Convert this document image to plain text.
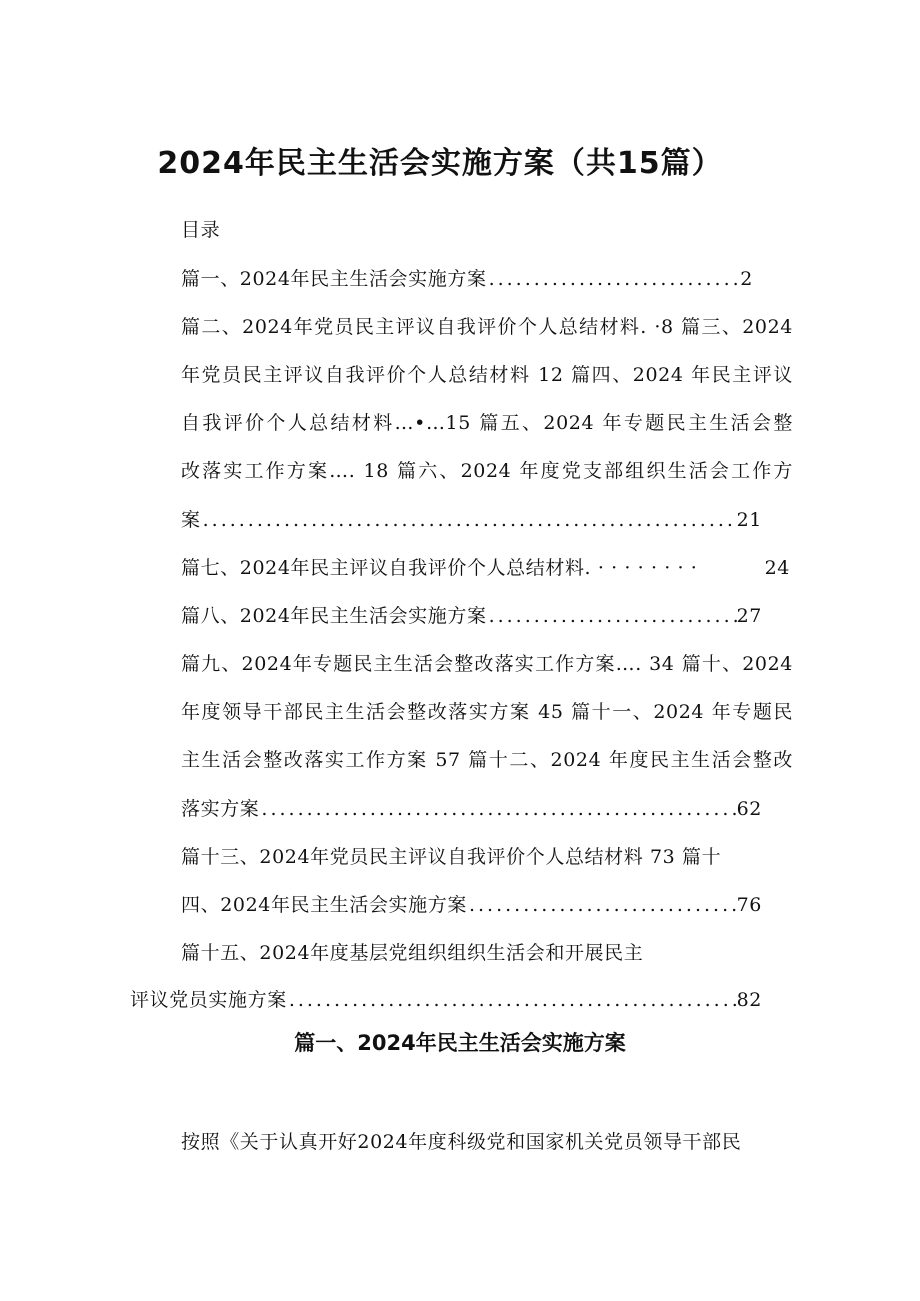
2024年民主生活会实施方案（共15篇）
目录
篇一、2024年民主生活会实施方案 .....	2
篇二、2024年党员民主评议自我评价个人总结材料. ·8 篇三、2024
年党员民主评议自我评价个人总结材料 12 篇四、2024 年民主评议
自我评价个人总结材料…•…15 篇五、2024 年专题民主生活会整
改落实工作方案…. 18 篇六、2024 年度党支部组织生活会工作方
案 .....	21
篇七、2024年民主评议自我评价个人总结材料. · · · · · · · ·	24
篇八、2024年民主生活会实施方案 .....	27
篇九、2024年专题民主生活会整改落实工作方案…. 34 篇十、2024
年度领导干部民主生活会整改落实方案 45 篇十一、2024 年专题民
主生活会整改落实工作方案 57 篇十二、2024 年度民主生活会整改
落实方案 .....	62
篇十三、2024年党员民主评议自我评价个人总结材料 73 篇十
四、2024年民主生活会实施方案 .....	76
篇十五、2024年度基层党组织组织生活会和开展民主
评议党员实施方案 .....	82
篇一、2024年民主生活会实施方案
按照《关于认真开好2024年度科级党和国家机关党员领导干部民
